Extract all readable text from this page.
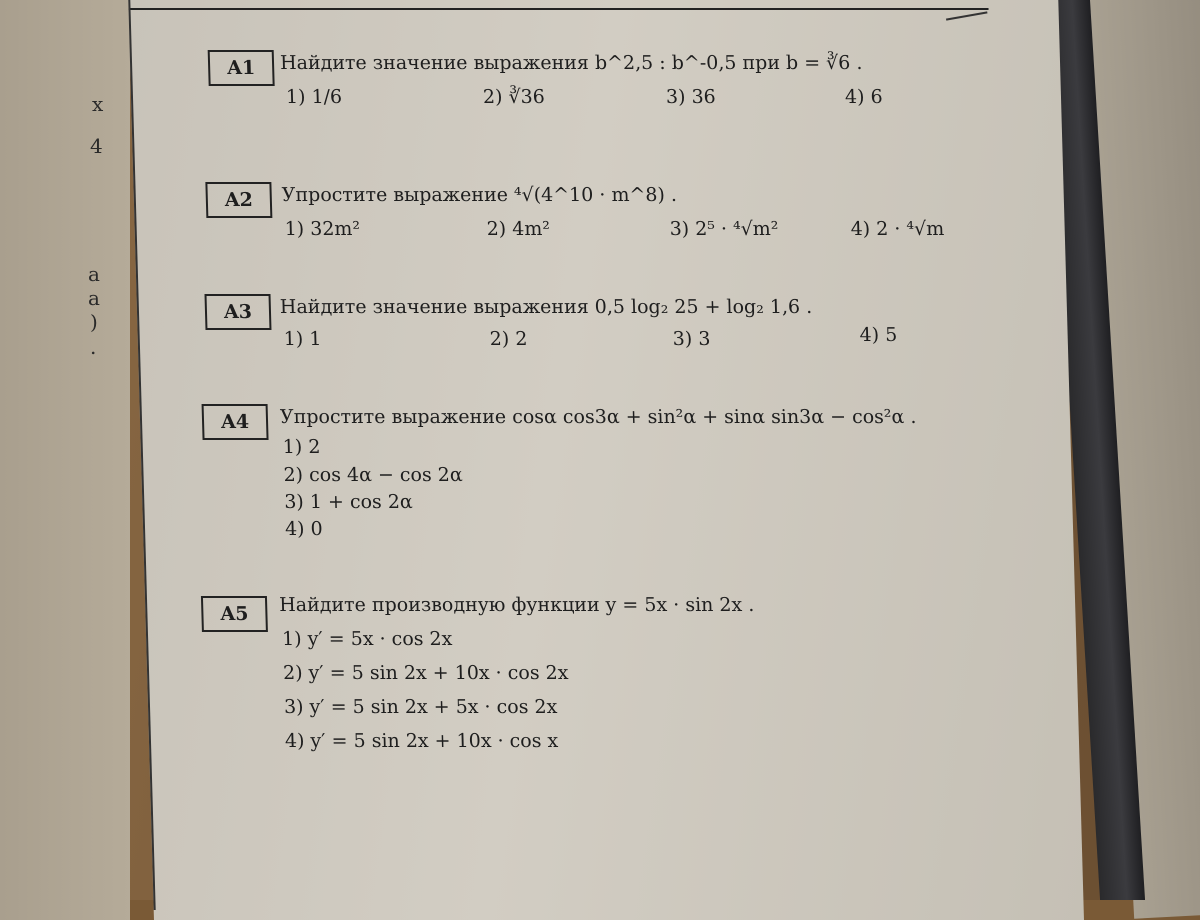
x
4
а
а
)
.
A1	Найдите значение выражения b^2,5 : b^-0,5 при b = ∛6 .
1) 1/6	2) ∛36	3) 36	4) 6
A2	Упростите выражение ⁴√(4^10 · m^8) .
1) 32m²	2) 4m²	3) 2⁵ · ⁴√m²	4) 2 · ⁴√m
A3	Найдите значение выражения 0,5 log₂ 25 + log₂ 1,6 .
1) 1	2) 2	3) 3	4) 5
A4	Упростите выражение cosα cos3α + sin²α + sinα sin3α − cos²α .
1) 2
2) cos 4α − cos 2α
3) 1 + cos 2α
4) 0
A5	Найдите производную функции y = 5x · sin 2x .
1) y′ = 5x · cos 2x
2) y′ = 5 sin 2x + 10x · cos 2x
3) y′ = 5 sin 2x + 5x · cos 2x
4) y′ = 5 sin 2x + 10x · cos x
